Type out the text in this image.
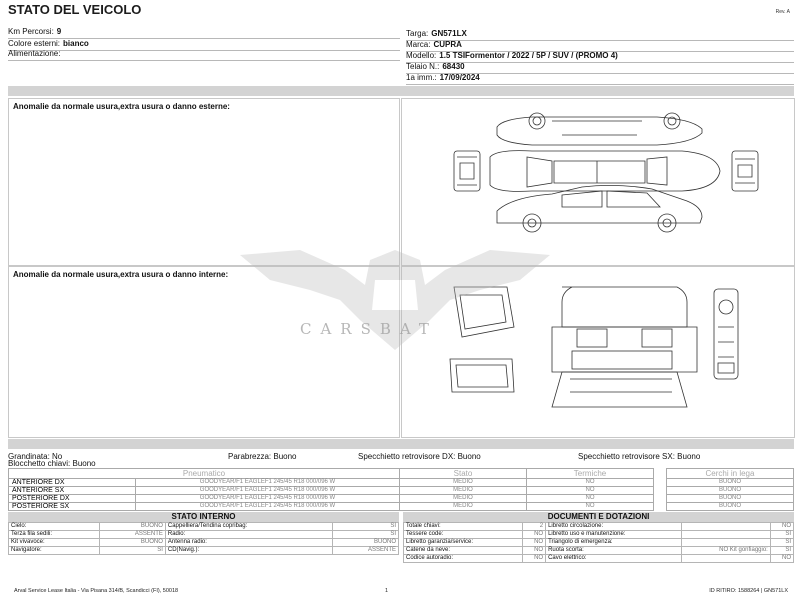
STATO DEL VEICOLO	Rev. A
Km Percorsi: 9
Colore esterni: bianco
Alimentazione:
Targa: GN571LX
Marca: CUPRA
Modello: 1.5 TSIFormentor / 2022 / 5P / SUV / (PROMO 4)
Telaio N.: 68430
1a imm.: 17/09/2024
Anomalie da normale usura,extra usura o danno esterne:
Anomalie da normale usura,extra usura o danno interne:
CARSBAT
Grandinata: No	Parabrezza: Buono	Specchietto retrovisore DX: Buono	Specchietto retrovisore SX: Buono
Blocchetto chiavi: Buono
Pneumatico		Stato	Termiche		Cerchi in lega
ANTERIORE DX	GOODYEAR/F1 EAGLEF1 245/45 R18 000/096 W	MEDIO	NO		BUONO
ANTERIORE SX	GOODYEAR/F1 EAGLEF1 245/45 R18 000/096 W	MEDIO	NO		BUONO
POSTERIORE DX	GOODYEAR/F1 EAGLEF1 245/45 R18 000/096 W	MEDIO	NO		BUONO
POSTERIORE SX	GOODYEAR/F1 EAGLEF1 245/45 R18 000/096 W	MEDIO	NO		BUONO
STATO INTERNO
Cielo:	BUONO	Cappelliera/Tendina copribag:	SI
Terza fila sedili:	ASSENTE	Radio:	SI
Kit vivavoce:	BUONO	Antenna radio:	BUONO
Navigatore:	SI	CD(Navig.):	ASSENTE
DOCUMENTI E DOTAZIONI
Totale chiavi:	2	Libretto circolazione:		NO
Tessere code:	NO	Libretto uso e manutenzione:		SI
Libretto garanzia/service:	NO	Triangolo di emergenza:		SI
Catene da neve:	NO	Ruota scorta:	NO Kit gonfiaggio:	SI
Codice autoradio:	NO	Cavo elettrico:		NO
Arval Service Lease Italia - Via Pisana 314/B, Scandicci (FI), 50018	1	ID RITIRO: 1588264 | GN571LX
